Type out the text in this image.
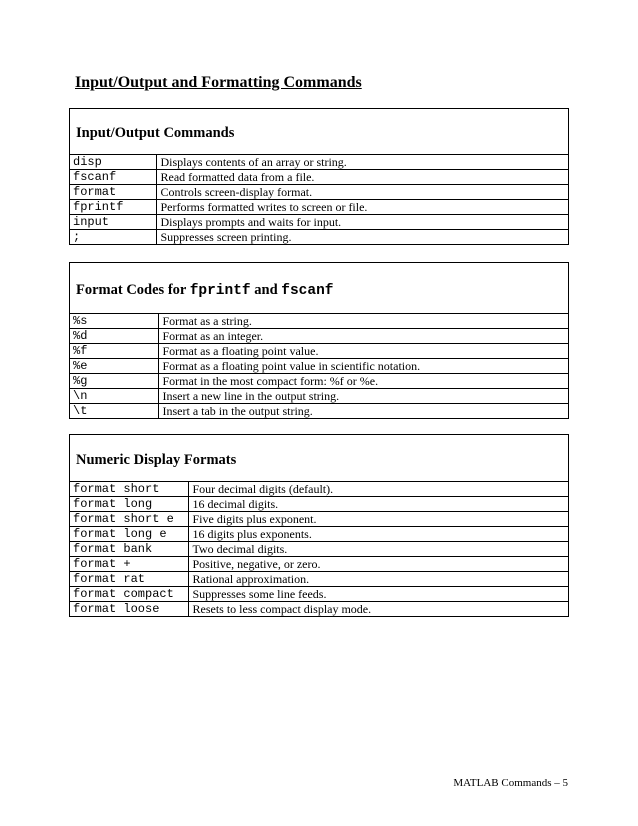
Input/Output and Formatting Commands
Input/Output Commands
disp	Displays contents of an array or string.
fscanf	Read formatted data from a file.
format	Controls screen-display format.
fprintf	Performs formatted writes to screen or file.
input	Displays prompts and waits for input.
;	Suppresses screen printing.
Format Codes for fprintf and fscanf
%s	Format as a string.
%d	Format as an integer.
%f	Format as a floating point value.
%e	Format as a floating point value in scientific notation.
%g	Format in the most compact form: %f or %e.
\n	Insert a new line in the output string.
\t	Insert a tab in the output string.
Numeric Display Formats
format short	Four decimal digits (default).
format long	16 decimal digits.
format short e	Five digits plus exponent.
format long e	16 digits plus exponents.
format bank	Two decimal digits.
format +	Positive, negative, or zero.
format rat	Rational approximation.
format compact	Suppresses some line feeds.
format loose	Resets to less compact display mode.
MATLAB Commands – 5
